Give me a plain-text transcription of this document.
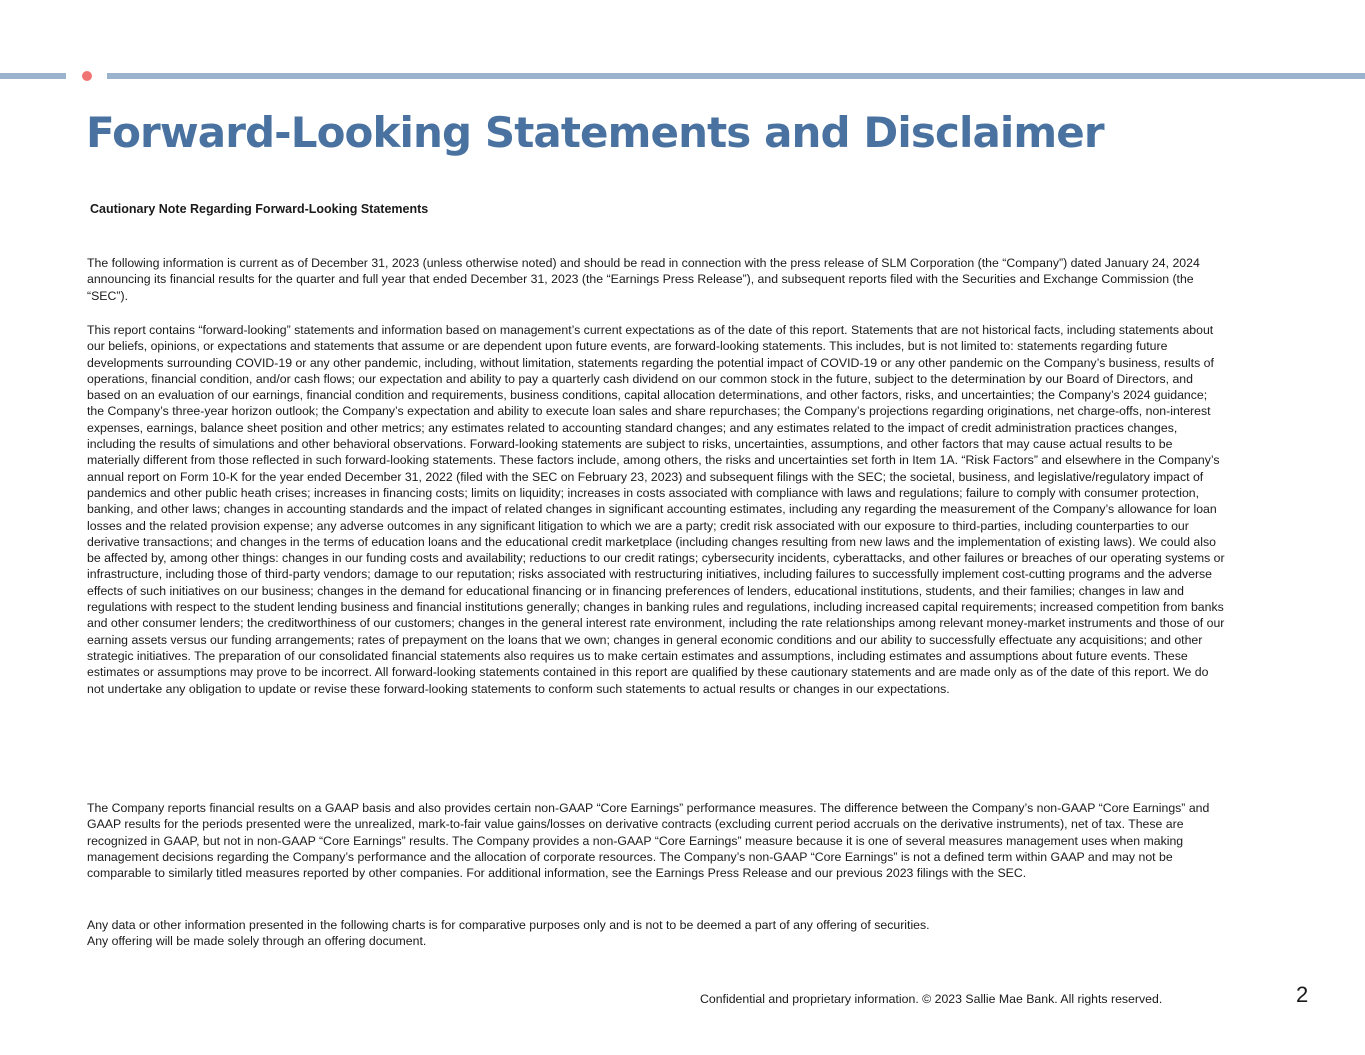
Forward-Looking Statements and Disclaimer
Cautionary Note Regarding Forward-Looking Statements

The following information is current as of December 31, 2023 (unless otherwise noted) and should be read in connection with the press release of SLM Corporation (the “Company”) dated January 24, 2024 announcing its financial results for the quarter and full year that ended December 31, 2023 (the “Earnings Press Release”), and subsequent reports filed with the Securities and Exchange Commission (the “SEC”).

This report contains “forward-looking” statements and information based on management’s current expectations as of the date of this report. Statements that are not historical facts, including statements about our beliefs, opinions, or expectations and statements that assume or are dependent upon future events, are forward-looking statements. This includes, but is not limited to: statements regarding future developments surrounding COVID-19 or any other pandemic, including, without limitation, statements regarding the potential impact of COVID-19 or any other pandemic on the Company’s business, results of operations, financial condition, and/or cash flows; our expectation and ability to pay a quarterly cash dividend on our common stock in the future, subject to the determination by our Board of Directors, and based on an evaluation of our earnings, financial condition and requirements, business conditions, capital allocation determinations, and other factors, risks, and uncertainties; the Company’s 2024 guidance; the Company’s three-year horizon outlook; the Company’s expectation and ability to execute loan sales and share repurchases; the Company’s projections regarding originations, net charge-offs, non-interest expenses, earnings, balance sheet position and other metrics; any estimates related to accounting standard changes; and any estimates related to the impact of credit administration practices changes, including the results of simulations and other behavioral observations. Forward-looking statements are subject to risks, uncertainties, assumptions, and other factors that may cause actual results to be materially different from those reflected in such forward-looking statements. These factors include, among others, the risks and uncertainties set forth in Item 1A. “Risk Factors” and elsewhere in the Company’s annual report on Form 10-K for the year ended December 31, 2022 (filed with the SEC on February 23, 2023) and subsequent filings with the SEC; the societal, business, and legislative/regulatory impact of pandemics and other public heath crises; increases in financing costs; limits on liquidity; increases in costs associated with compliance with laws and regulations; failure to comply with consumer protection, banking, and other laws; changes in accounting standards and the impact of related changes in significant accounting estimates, including any regarding the measurement of the Company’s allowance for loan losses and the related provision expense; any adverse outcomes in any significant litigation to which we are a party; credit risk associated with our exposure to third-parties, including counterparties to our derivative transactions; and changes in the terms of education loans and the educational credit marketplace (including changes resulting from new laws and the implementation of existing laws). We could also be affected by, among other things: changes in our funding costs and availability; reductions to our credit ratings; cybersecurity incidents, cyberattacks, and other failures or breaches of our operating systems or infrastructure, including those of third-party vendors; damage to our reputation; risks associated with restructuring initiatives, including failures to successfully implement cost-cutting programs and the adverse effects of such initiatives on our business; changes in the demand for educational financing or in financing preferences of lenders, educational institutions, students, and their families; changes in law and regulations with respect to the student lending business and financial institutions generally; changes in banking rules and regulations, including increased capital requirements; increased competition from banks and other consumer lenders; the creditworthiness of our customers; changes in the general interest rate environment, including the rate relationships among relevant money-market instruments and those of our earning assets versus our funding arrangements; rates of prepayment on the loans that we own; changes in general economic conditions and our ability to successfully effectuate any acquisitions; and other strategic initiatives. The preparation of our consolidated financial statements also requires us to make certain estimates and assumptions, including estimates and assumptions about future events. These estimates or assumptions may prove to be incorrect. All forward-looking statements contained in this report are qualified by these cautionary statements and are made only as of the date of this report. We do not undertake any obligation to update or revise these forward-looking statements to conform such statements to actual results or changes in our expectations.

The Company reports financial results on a GAAP basis and also provides certain non-GAAP “Core Earnings” performance measures. The difference between the Company’s non-GAAP “Core Earnings” and GAAP results for the periods presented were the unrealized, mark-to-fair value gains/losses on derivative contracts (excluding current period accruals on the derivative instruments), net of tax. These are recognized in GAAP, but not in non-GAAP “Core Earnings” results. The Company provides a non-GAAP “Core Earnings” measure because it is one of several measures management uses when making management decisions regarding the Company’s performance and the allocation of corporate resources. The Company’s non-GAAP “Core Earnings” is not a defined term within GAAP and may not be comparable to similarly titled measures reported by other companies. For additional information, see the Earnings Press Release and our previous 2023 filings with the SEC.

Any data or other information presented in the following charts is for comparative purposes only and is not to be deemed a part of any offering of securities.
Any offering will be made solely through an offering document.

Confidential and proprietary information. © 2023 Sallie Mae Bank. All rights reserved.	2
